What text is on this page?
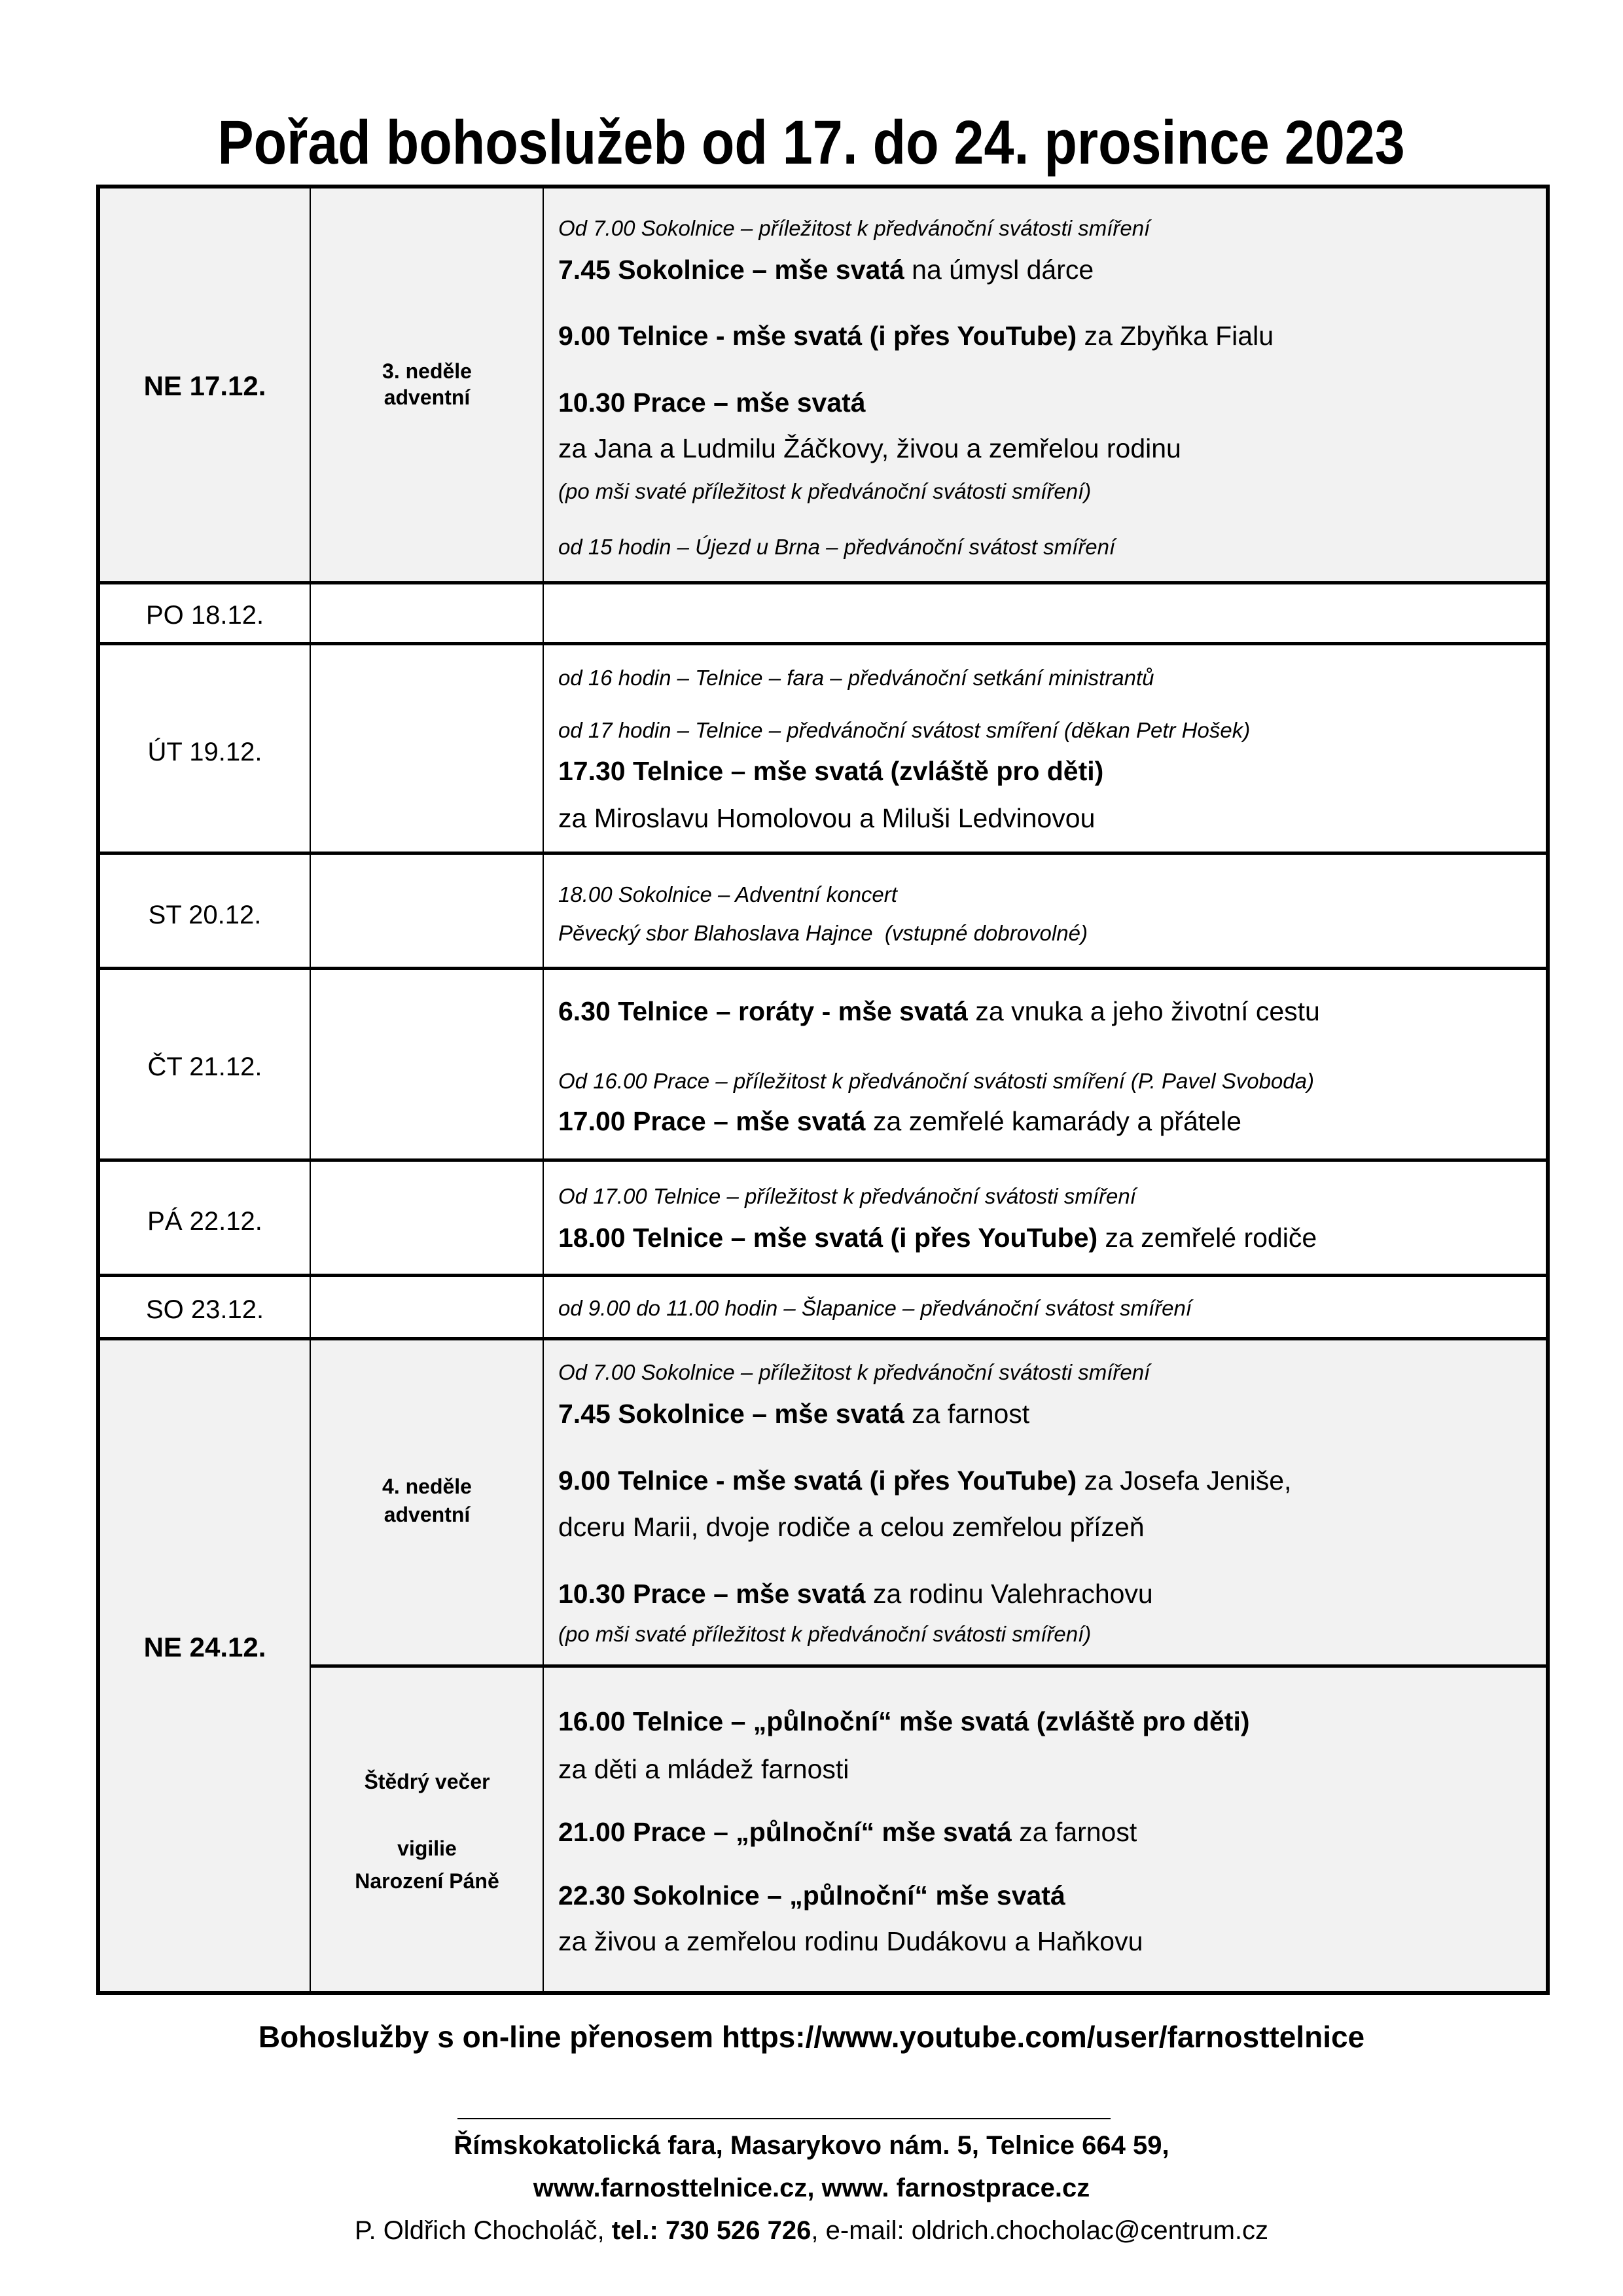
Pořad bohoslužeb od 17. do 24. prosince 2023
NE 17.12.
PO 18.12.
ÚT 19.12.
ST 20.12.
ČT 21.12.
PÁ 22.12.
SO 23.12.
NE 24.12.
3. neděle
adventní
4. neděle
adventní
Štědrý večer
vigilie
Narození Páně
Od 7.00 Sokolnice – příležitost k předvánoční svátosti smíření
7.45 Sokolnice – mše svatá na úmysl dárce
9.00 Telnice - mše svatá (i přes YouTube) za Zbyňka Fialu
10.30 Prace – mše svatá
za Jana a Ludmilu Žáčkovy, živou a zemřelou rodinu
(po mši svaté příležitost k předvánoční svátosti smíření)
od 15 hodin – Újezd u Brna – předvánoční svátost smíření
od 16 hodin – Telnice – fara – předvánoční setkání ministrantů
od 17 hodin – Telnice – předvánoční svátost smíření (děkan Petr Hošek)
17.30 Telnice – mše svatá (zvláště pro děti)
za Miroslavu Homolovou a Miluši Ledvinovou
18.00 Sokolnice – Adventní koncert
Pěvecký sbor Blahoslava Hajnce  (vstupné dobrovolné)
6.30 Telnice – roráty - mše svatá za vnuka a jeho životní cestu
Od 16.00 Prace – příležitost k předvánoční svátosti smíření (P. Pavel Svoboda)
17.00 Prace – mše svatá za zemřelé kamarády a přátele
Od 17.00 Telnice – příležitost k předvánoční svátosti smíření
18.00 Telnice – mše svatá (i přes YouTube) za zemřelé rodiče
od 9.00 do 11.00 hodin – Šlapanice – předvánoční svátost smíření
Od 7.00 Sokolnice – příležitost k předvánoční svátosti smíření
7.45 Sokolnice – mše svatá za farnost
9.00 Telnice - mše svatá (i přes YouTube) za Josefa Jeniše,
dceru Marii, dvoje rodiče a celou zemřelou přízeň
10.30 Prace – mše svatá za rodinu Valehrachovu
(po mši svaté příležitost k předvánoční svátosti smíření)
16.00 Telnice – „půlnoční“ mše svatá (zvláště pro děti)
za děti a mládež farnosti
21.00 Prace – „půlnoční“ mše svatá za farnost
22.30 Sokolnice – „půlnoční“ mše svatá
za živou a zemřelou rodinu Dudákovu a Haňkovu
Bohoslužby s on-line přenosem https://www.youtube.com/user/farnosttelnice
Římskokatolická fara, Masarykovo nám. 5, Telnice 664 59,
www.farnosttelnice.cz, www. farnostprace.cz
P. Oldřich Chocholáč, tel.: 730 526 726, e-mail: oldrich.chocholac@centrum.cz
